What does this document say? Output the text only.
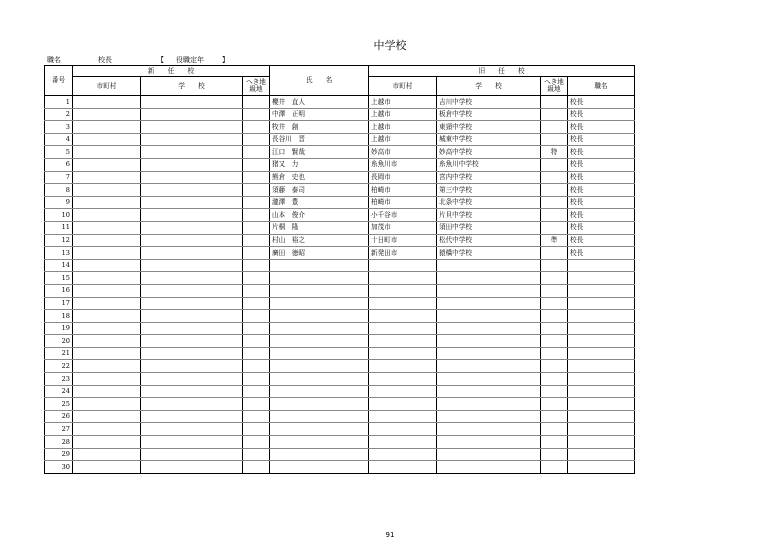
中学校
職名	校長	【 役職定年	】
番号	新　　任　　校			氏　　名	旧　　任　　校			
	市町村	学　　校	へき地
級地		市町村	学　　校	へき地
級地	職名
1				櫻井　直人	上越市	吉川中学校		校長
2				中澤　正明	上越市	板倉中学校		校長
3				牧井　創	上越市	東頸中学校		校長
4				長谷川　晋	上越市	城東中学校		校長
5				江口　賢哉	妙高市	妙高中学校	特	校長
6				猪又　力	糸魚川市	糸魚川中学校		校長
7				熊倉　史也	長岡市	宮内中学校		校長
8				須藤　泰司	柏崎市	第三中学校		校長
9				瀧澤　豊	柏崎市	北条中学校		校長
10				山本　俊介	小千谷市	片貝中学校		校長
11				片桐　隆	加茂市	須田中学校		校長
12				村山　裕之	十日町市	松代中学校	準	校長
13				廣田　徳昭	新発田市	猿橋中学校		校長
14								
15								
16								
17								
18								
19								
20								
21								
22								
23								
24								
25								
26								
27								
28								
29								
30								
91
